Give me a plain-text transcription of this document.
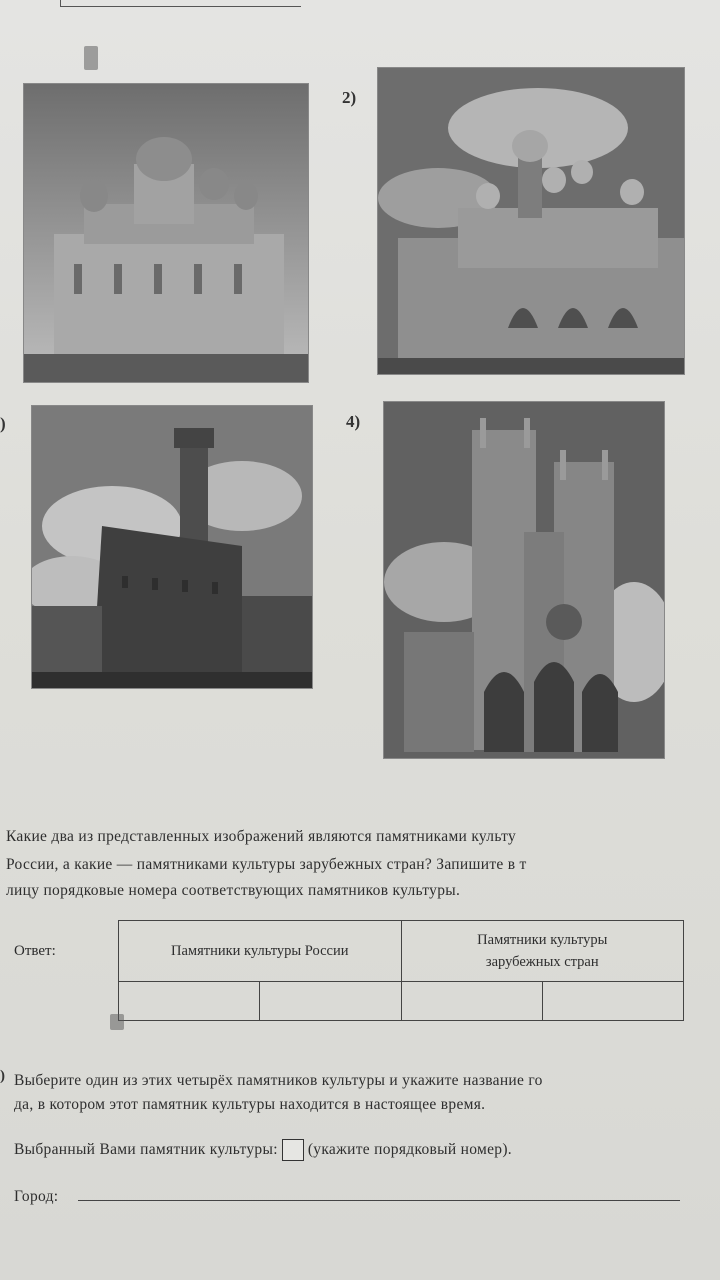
2)
)	4)
Какие два из представленных изображений являются памятниками культу
России, а какие — памятниками культуры зарубежных стран? Запишите в т
лицу порядковые номера соответствующих памятников культуры.
Ответ:	Памятники культуры России		Памятники культуры
зарубежных стран	

) Выберите один из этих четырёх памятников культуры и укажите название го
да, в котором этот памятник культуры находится в настоящее время.
Выбранный Вами памятник культуры: (укажите порядковый номер).
Город:
